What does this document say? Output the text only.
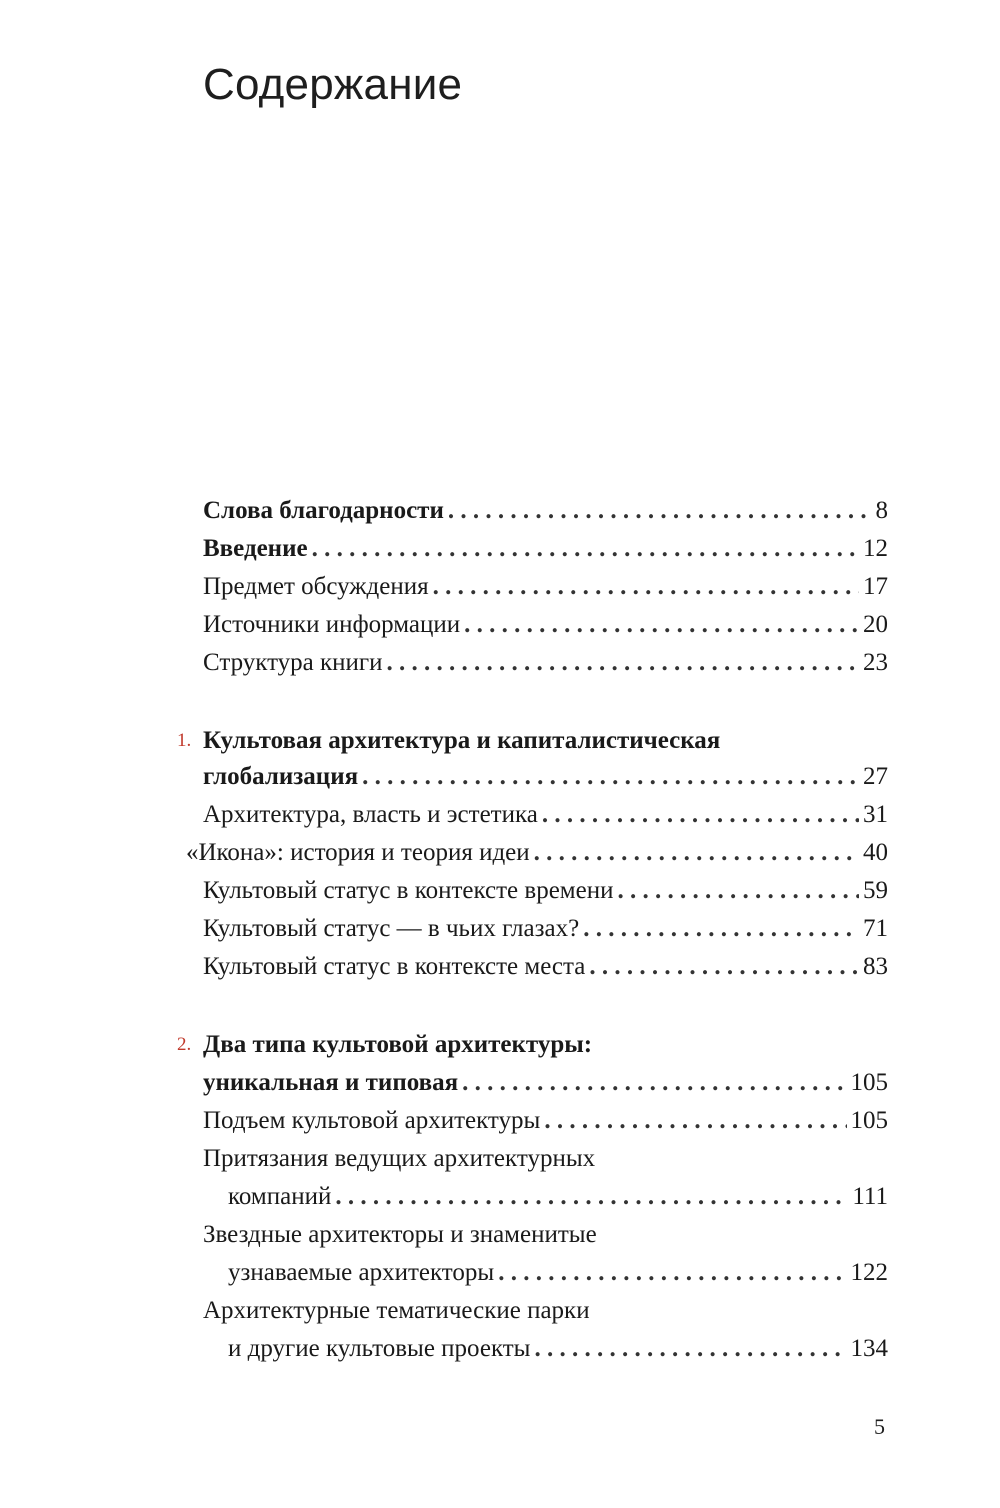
Содержание
Слова благодарности . . .	8
Введение . . .	12
Предмет обсуждения . . .	17
Источники информации . . .	20
Структура книги . . .	23
1. Культовая архитектура и капиталистическая
глобализация . . .	27
Архитектура, власть и эстетика . . .	31
«Икона»: история и теория идеи . . .	40
Культовый статус в контексте времени . . .	59
Культовый статус — в чьих глазах? . . .	71
Культовый статус в контексте места . . .	83
2. Два типа культовой архитектуры:
уникальная и типовая . . .	105
Подъем культовой архитектуры . . .	105
Притязания ведущих архитектурных
компаний . . .	111
Звездные архитекторы и знаменитые
узнаваемые архитекторы . . .	122
Архитектурные тематические парки
и другие культовые проекты . . .	134
5
